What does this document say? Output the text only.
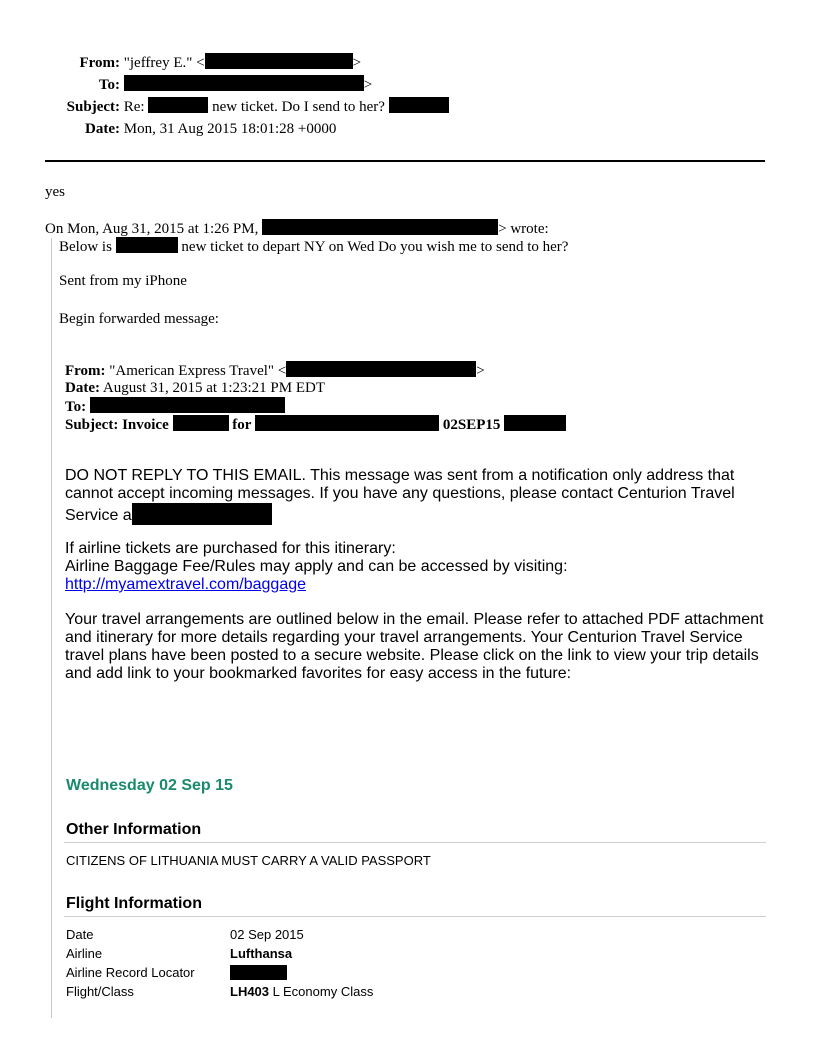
From: "jeffrey E." <	>
To:	>
Subject: Re:	new ticket. Do I send to her?
Date: Mon, 31 Aug 2015 18:01:28 +0000
yes
On Mon, Aug 31, 2015 at 1:26 PM,	> wrote:
Below is	new ticket to depart NY on Wed Do you wish me to send to her?
Sent from my iPhone
Begin forwarded message:
From: "American Express Travel" <	>
Date: August 31, 2015 at 1:23:21 PM EDT
To:
Subject: Invoice	for	02SEP15
DO NOT REPLY TO THIS EMAIL. This message was sent from a notification only address that cannot accept incoming messages. If you have any questions, please contact Centurion Travel Service a
If airline tickets are purchased for this itinerary:
Airline Baggage Fee/Rules may apply and can be accessed by visiting:
http://myamextravel.com/baggage
Your travel arrangements are outlined below in the email. Please refer to attached PDF attachment and itinerary for more details regarding your travel arrangements. Your Centurion Travel Service travel plans have been posted to a secure website. Please click on the link to view your trip details and add link to your bookmarked favorites for easy access in the future:
Wednesday 02 Sep 15
Other Information
CITIZENS OF LITHUANIA MUST CARRY A VALID PASSPORT
Flight Information
Date	02 Sep 2015
Airline	Lufthansa
Airline Record Locator
Flight/Class	LH403 L Economy Class
